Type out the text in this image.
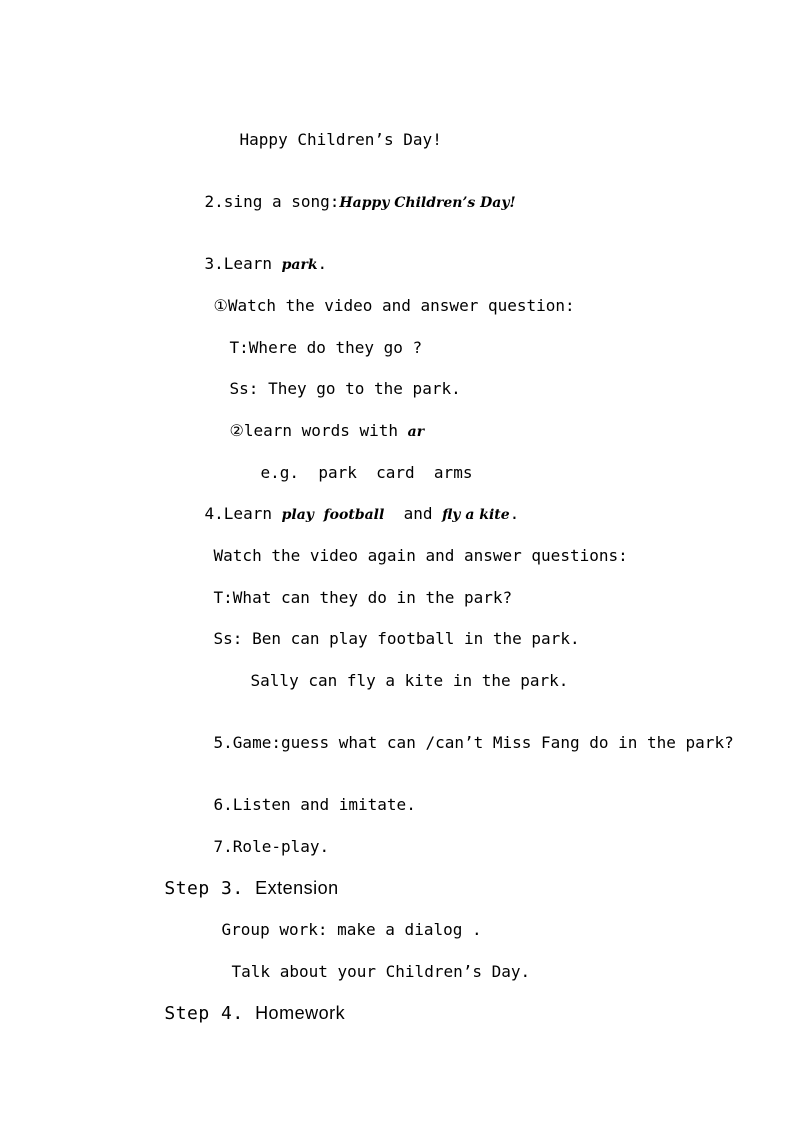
Happy Children’s Day!

2.sing a song:Happy Children’s Day!

3.Learn park.

①Watch the video and answer question:

T:Where do they go ?

Ss: They go to the park.

②learn words with ar

e.g.  park  card  arms

4.Learn play  football  and fly a kite.

Watch the video again and answer questions:

T:What can they do in the park?

Ss: Ben can play football in the park.

Sally can fly a kite in the park.

5.Game:guess what can /can’t Miss Fang do in the park?

6.Listen and imitate.

7.Role-play.

Step 3. Extension

Group work: make a dialog .

Talk about your Children’s Day.

Step 4. Homework
